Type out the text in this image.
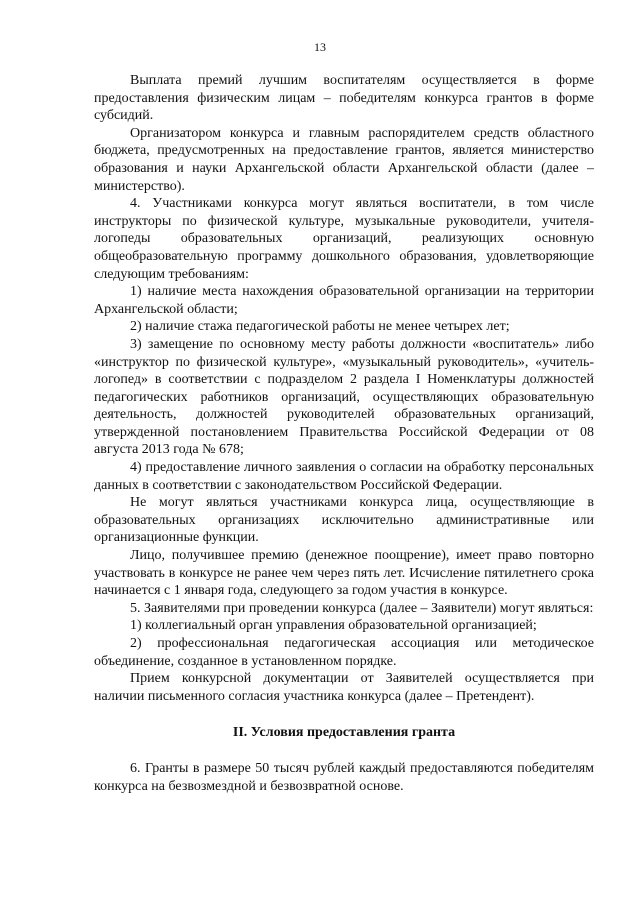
13

Выплата премий лучшим воспитателям осуществляется в форме предоставления физическим лицам – победителям конкурса грантов в форме субсидий.

Организатором конкурса и главным распорядителем средств областного бюджета, предусмотренных на предоставление грантов, является министерство образования и науки Архангельской области Архангельской области (далее – министерство).

4. Участниками конкурса могут являться воспитатели, в том числе инструкторы по физической культуре, музыкальные руководители, учителя-логопеды образовательных организаций, реализующих основную общеобразовательную программу дошкольного образования, удовлетворяющие следующим требованиям:

1) наличие места нахождения образовательной организации на территории Архангельской области;

2) наличие стажа педагогической работы не менее четырех лет;

3) замещение по основному месту работы должности «воспитатель» либо «инструктор по физической культуре», «музыкальный руководитель», «учитель-логопед» в соответствии с подразделом 2 раздела I Номенклатуры должностей педагогических работников организаций, осуществляющих образовательную деятельность, должностей руководителей образовательных организаций, утвержденной постановлением Правительства Российской Федерации от 08 августа 2013 года № 678;

4) предоставление личного заявления о согласии на обработку персональных данных в соответствии с законодательством Российской Федерации.

Не могут являться участниками конкурса лица, осуществляющие в образовательных организациях исключительно административные или организационные функции.

Лицо, получившее премию (денежное поощрение), имеет право повторно участвовать в конкурсе не ранее чем через пять лет. Исчисление пятилетнего срока начинается с 1 января года, следующего за годом участия в конкурсе.

5. Заявителями при проведении конкурса (далее – Заявители) могут являться:

1) коллегиальный орган управления образовательной организацией;

2) профессиональная педагогическая ассоциация или методическое объединение, созданное в установленном порядке.

Прием конкурсной документации от Заявителей осуществляется при наличии письменного согласия участника конкурса (далее – Претендент).

II. Условия предоставления гранта

6. Гранты в размере 50 тысяч рублей каждый предоставляются победителям конкурса на безвозмездной и безвозвратной основе.
